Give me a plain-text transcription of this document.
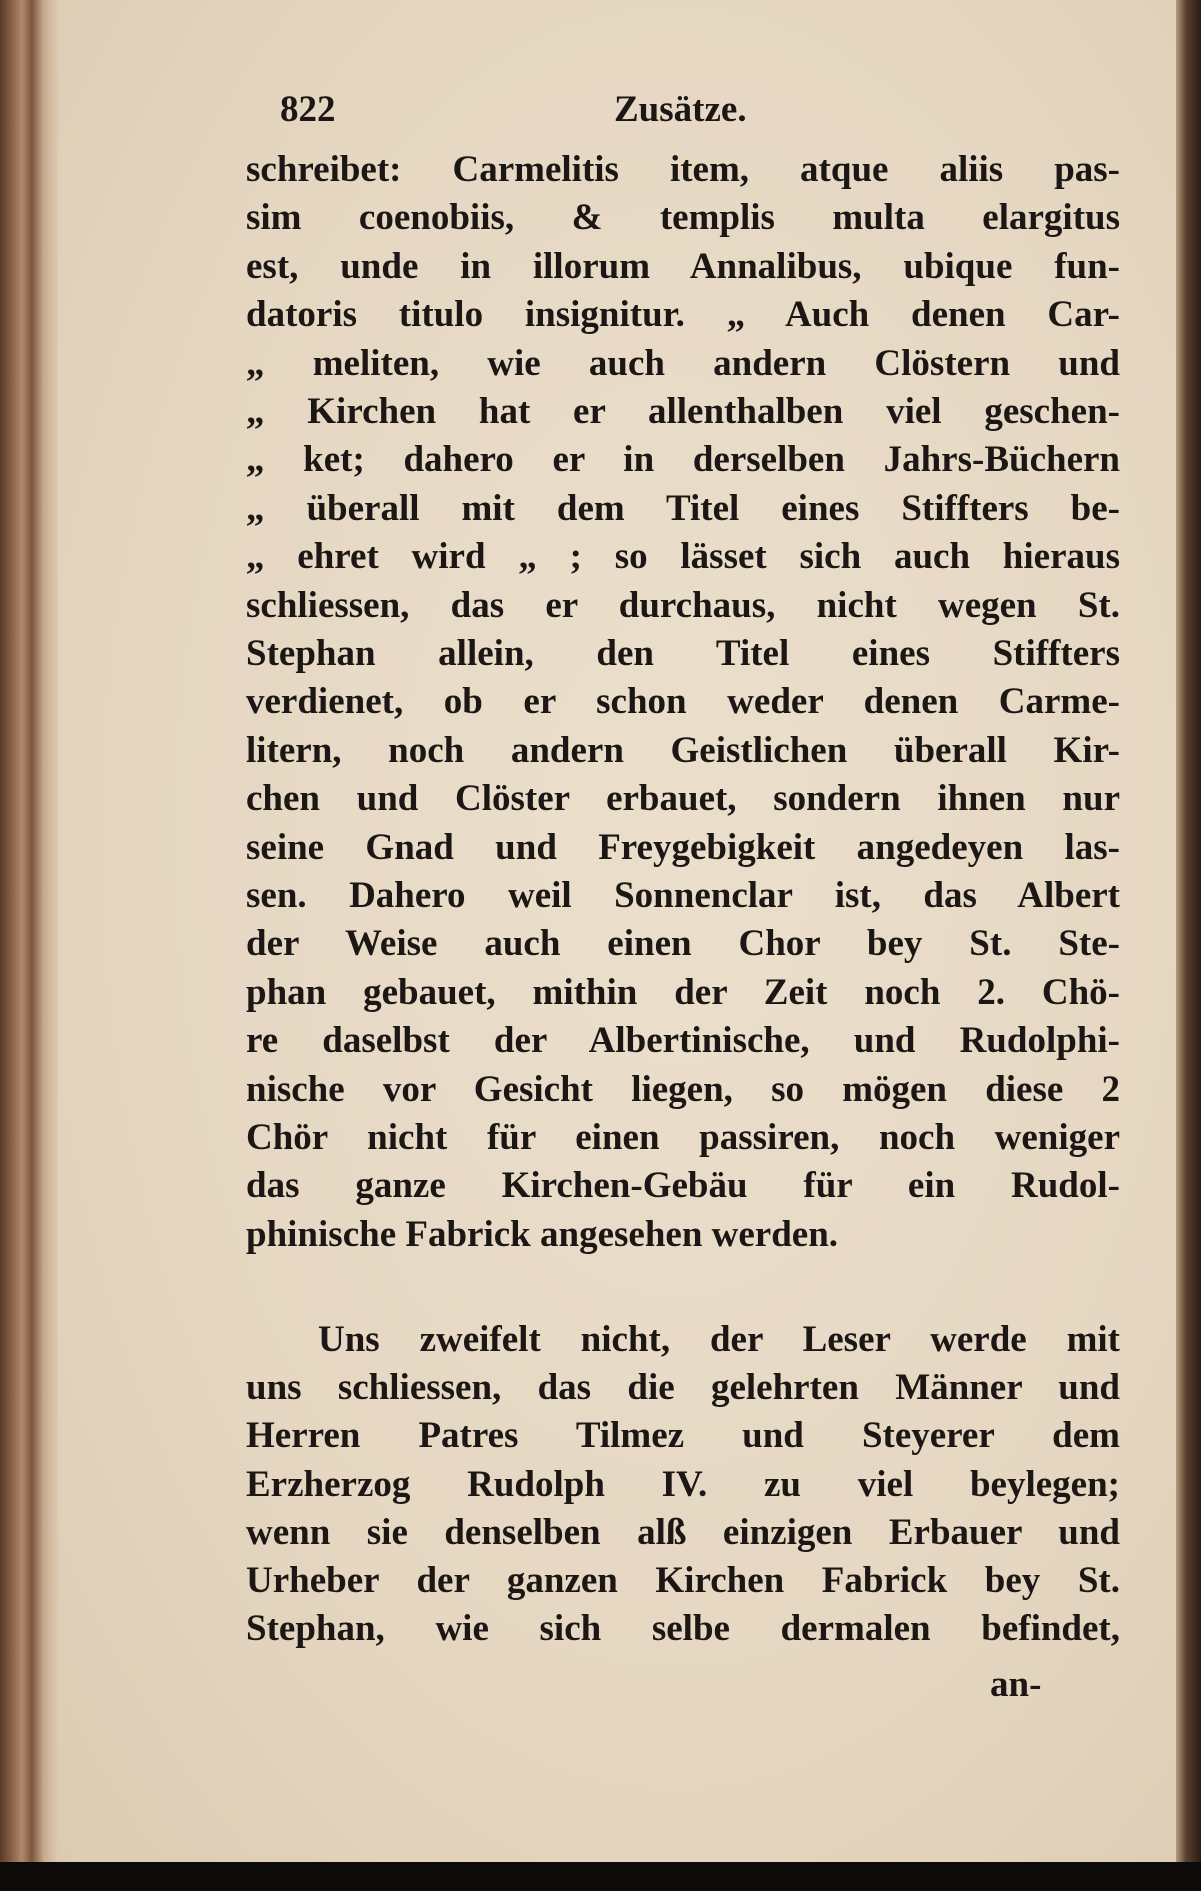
822	Zusätze.
schreibet: Carmelitis item, atque aliis pas-
sim coenobiis, & templis multa elargitus
est, unde in illorum Annalibus, ubique fun-
datoris titulo insignitur. „ Auch denen Car-
„ meliten, wie auch andern Clöstern und
„ Kirchen hat er allenthalben viel geschen-
„ ket; dahero er in derselben Jahrs-Büchern
„ überall mit dem Titel eines Stiffters be-
„ ehret wird „ ; so lässet sich auch hieraus
schliessen, das er durchaus, nicht wegen St.
Stephan allein, den Titel eines Stiffters
verdienet, ob er schon weder denen Carme-
litern, noch andern Geistlichen überall Kir-
chen und Clöster erbauet, sondern ihnen nur
seine Gnad und Freygebigkeit angedeyen las-
sen. Dahero weil Sonnenclar ist, das Albert
der Weise auch einen Chor bey St. Ste-
phan gebauet, mithin der Zeit noch 2. Chö-
re daselbst der Albertinische, und Rudolphi-
nische vor Gesicht liegen, so mögen diese 2
Chör nicht für einen passiren, noch weniger
das ganze Kirchen-Gebäu für ein Rudol-
phinische Fabrick angesehen werden.
Uns zweifelt nicht, der Leser werde mit
uns schliessen, das die gelehrten Männer und
Herren Patres Tilmez und Steyerer dem
Erzherzog Rudolph IV. zu viel beylegen;
wenn sie denselben alß einzigen Erbauer und
Urheber der ganzen Kirchen Fabrick bey St.
Stephan, wie sich selbe dermalen befindet,
an-
